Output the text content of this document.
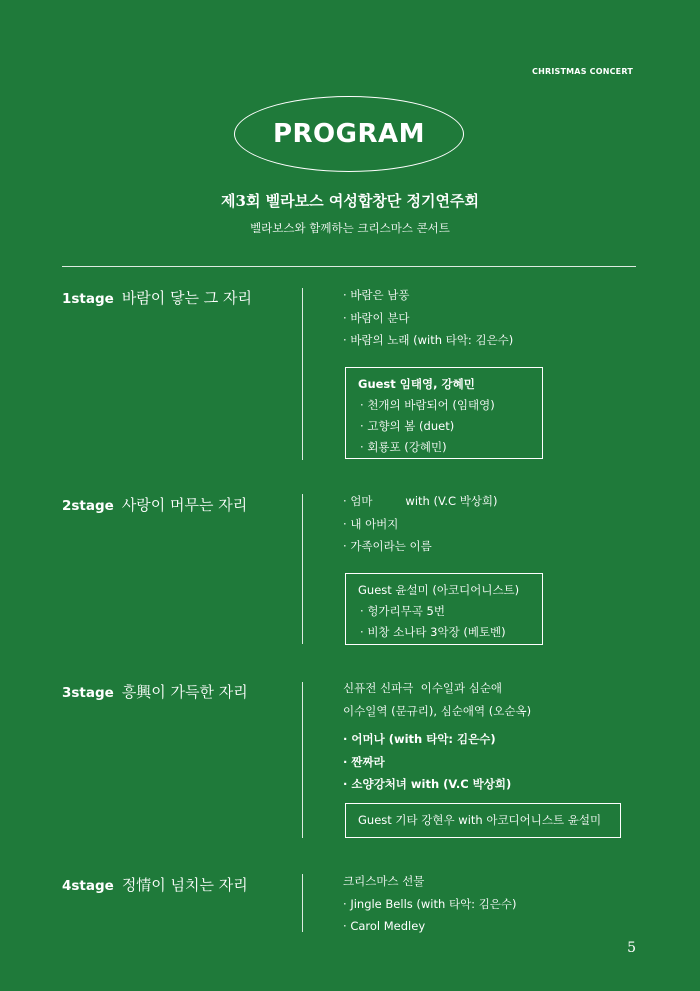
CHRISTMAS CONCERT
PROGRAM
제3회 벨라보스 여성합창단 정기연주회
벨라보스와 함께하는 크리스마스 콘서트
1stage 바람이 닿는 그 자리	· 바람은 남풍
· 바람이 분다
· 바람의 노래 (with 타악: 김은수)
Guest 임태영, 강혜민
· 천개의 바람되어 (임태영)
· 고향의 봄 (duet)
· 회룡포 (강혜민)
2stage 사랑이 머무는 자리	· 엄마         with (V.C 박상희)
· 내 아버지
· 가족이라는 이름
Guest 윤설미 (아코디어니스트)
· 헝가리무곡 5번
· 비창 소나타 3악장 (베토벤)
3stage 흥興이 가득한 자리	신퓨전 신파극  이수일과 심순애
이수일역 (문규리), 심순애역 (오순옥)
· 어머나 (with 타악: 김은수)
· 짠짜라
· 소양강처녀 with (V.C 박상희)
Guest 기타 강현우 with 아코디어니스트 윤설미
4stage 정情이 넘치는 자리	크리스마스 선물
· Jingle Bells (with 타악: 김은수)
· Carol Medley
5
